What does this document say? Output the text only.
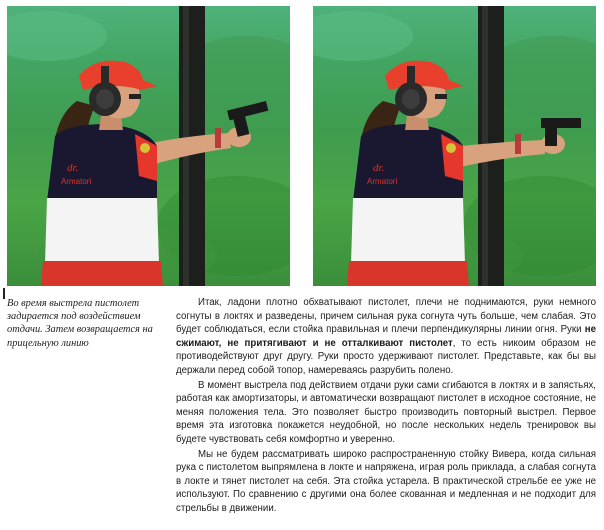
dr.
Armatori
dr.
Armatori
Во время выстрела пистолет задирается под воздействием отдачи. Затем возвращается на прицельную линию

Итак, ладони плотно обхватывают пистолет, плечи не поднимаются, руки немного согнуты в локтях и разведены, причем сильная рука согнута чуть больше, чем слабая. Это будет соблюдаться, если стойка правильная и плечи перпендикулярны линии огня. Руки не сжимают, не притягивают и не отталкивают пистолет, то есть никоим образом не противодействуют друг другу. Руки просто удерживают пистолет. Представьте, как бы вы держали перед собой топор, намереваясь разрубить полено.

В момент выстрела под действием отдачи руки сами сгибаются в локтях и в запястьях, работая как амортизаторы, и автоматически возвращают пистолет в исходное состояние, не меняя положения тела. Это позволяет быстро производить повторный выстрел. Первое время эта изготовка покажется неудобной, но после нескольких недель тренировок вы будете чувствовать себя комфортно и уверенно.

Мы не будем рассматривать широко распространенную стойку Вивера, когда сильная рука с пистолетом выпрямлена в локте и напряжена, играя роль приклада, а слабая согнута в локте и тянет пистолет на себя. Эта стойка устарела. В практической стрельбе ее уже не используют. По сравнению с другими она более скованная и медленная и не подходит для стрельбы в движении.
